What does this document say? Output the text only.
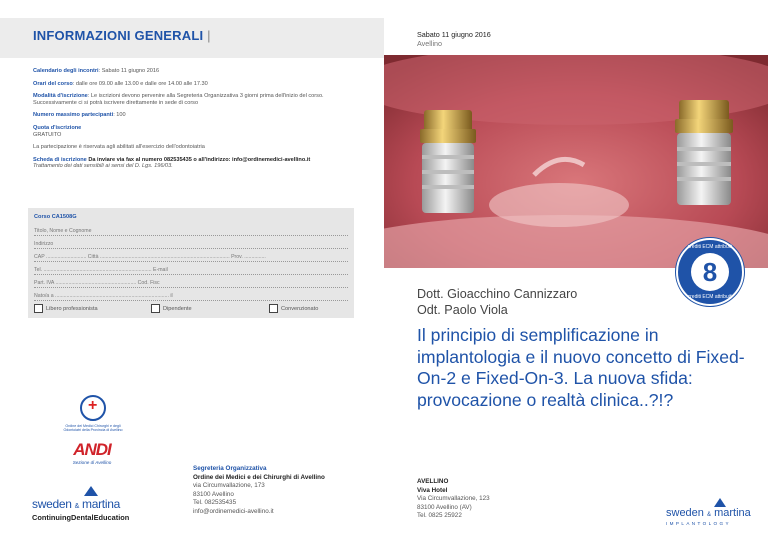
INFORMAZIONI GENERALI |
Calendario degli incontri: Sabato 11 giugno 2016
Orari del corso: dalle ore 09.00 alle 13.00 e dalle ore 14.00 alle 17.30
Modalità d'iscrizione: Le iscrizioni devono pervenire alla Segreteria Organizzativa 3 giorni prima dell'inizio del corso. Successivamente ci si potrà iscrivere direttamente in sede di corso
Numero massimo partecipanti: 100
Quota d'iscrizione
GRATUITO
La partecipazione è riservata agli abilitati all'esercizio dell'odontoiatria
Scheda di iscrizione Da inviare via fax al numero 082535435 o all'indirizzo: info@ordinemedici-avellino.it
Trattamento dei dati sensibili ai sensi del D. Lgs. 196/03.
Corso CA1508G
Titolo, Nome e Cognome
Indirizzo
CAP ............................ Città .......................................................................................... Prov. ...............
Tel. ........................................................................... E-mail
Part. IVA ........................................................ Cod. Fisc
Nato/a a ............................................................................... il
Libero professionista	Dipendente	Convenzionato
+
Ordine dei Medici Chirurghi e degli Odontoiatri della Provincia di Avellino
ANDI
Sezione di Avellino
sweden & martina
ContinuingDentalEducation
Segreteria Organizzativa
Ordine dei Medici e dei Chirurghi di Avellino
via Circumvallazione, 173
83100 Avellino
Tel. 082535435
info@ordinemedici-avellino.it
Sabato 11 giugno 2016
Avellino
crediti ECM attribuiti
8
crediti ECM attribuiti
Dott. Gioacchino Cannizzaro
Odt. Paolo Viola
Il principio di semplificazione in implantologia e il nuovo concetto di Fixed-On-2 e Fixed-On-3. La nuova sfida: provocazione o realtà clinica..?!?
AVELLINO
Viva Hotel
Via Circumvallazione, 123
83100 Avellino (AV)
Tel. 0825 25922	sweden & martina
IMPLANTOLOGY
